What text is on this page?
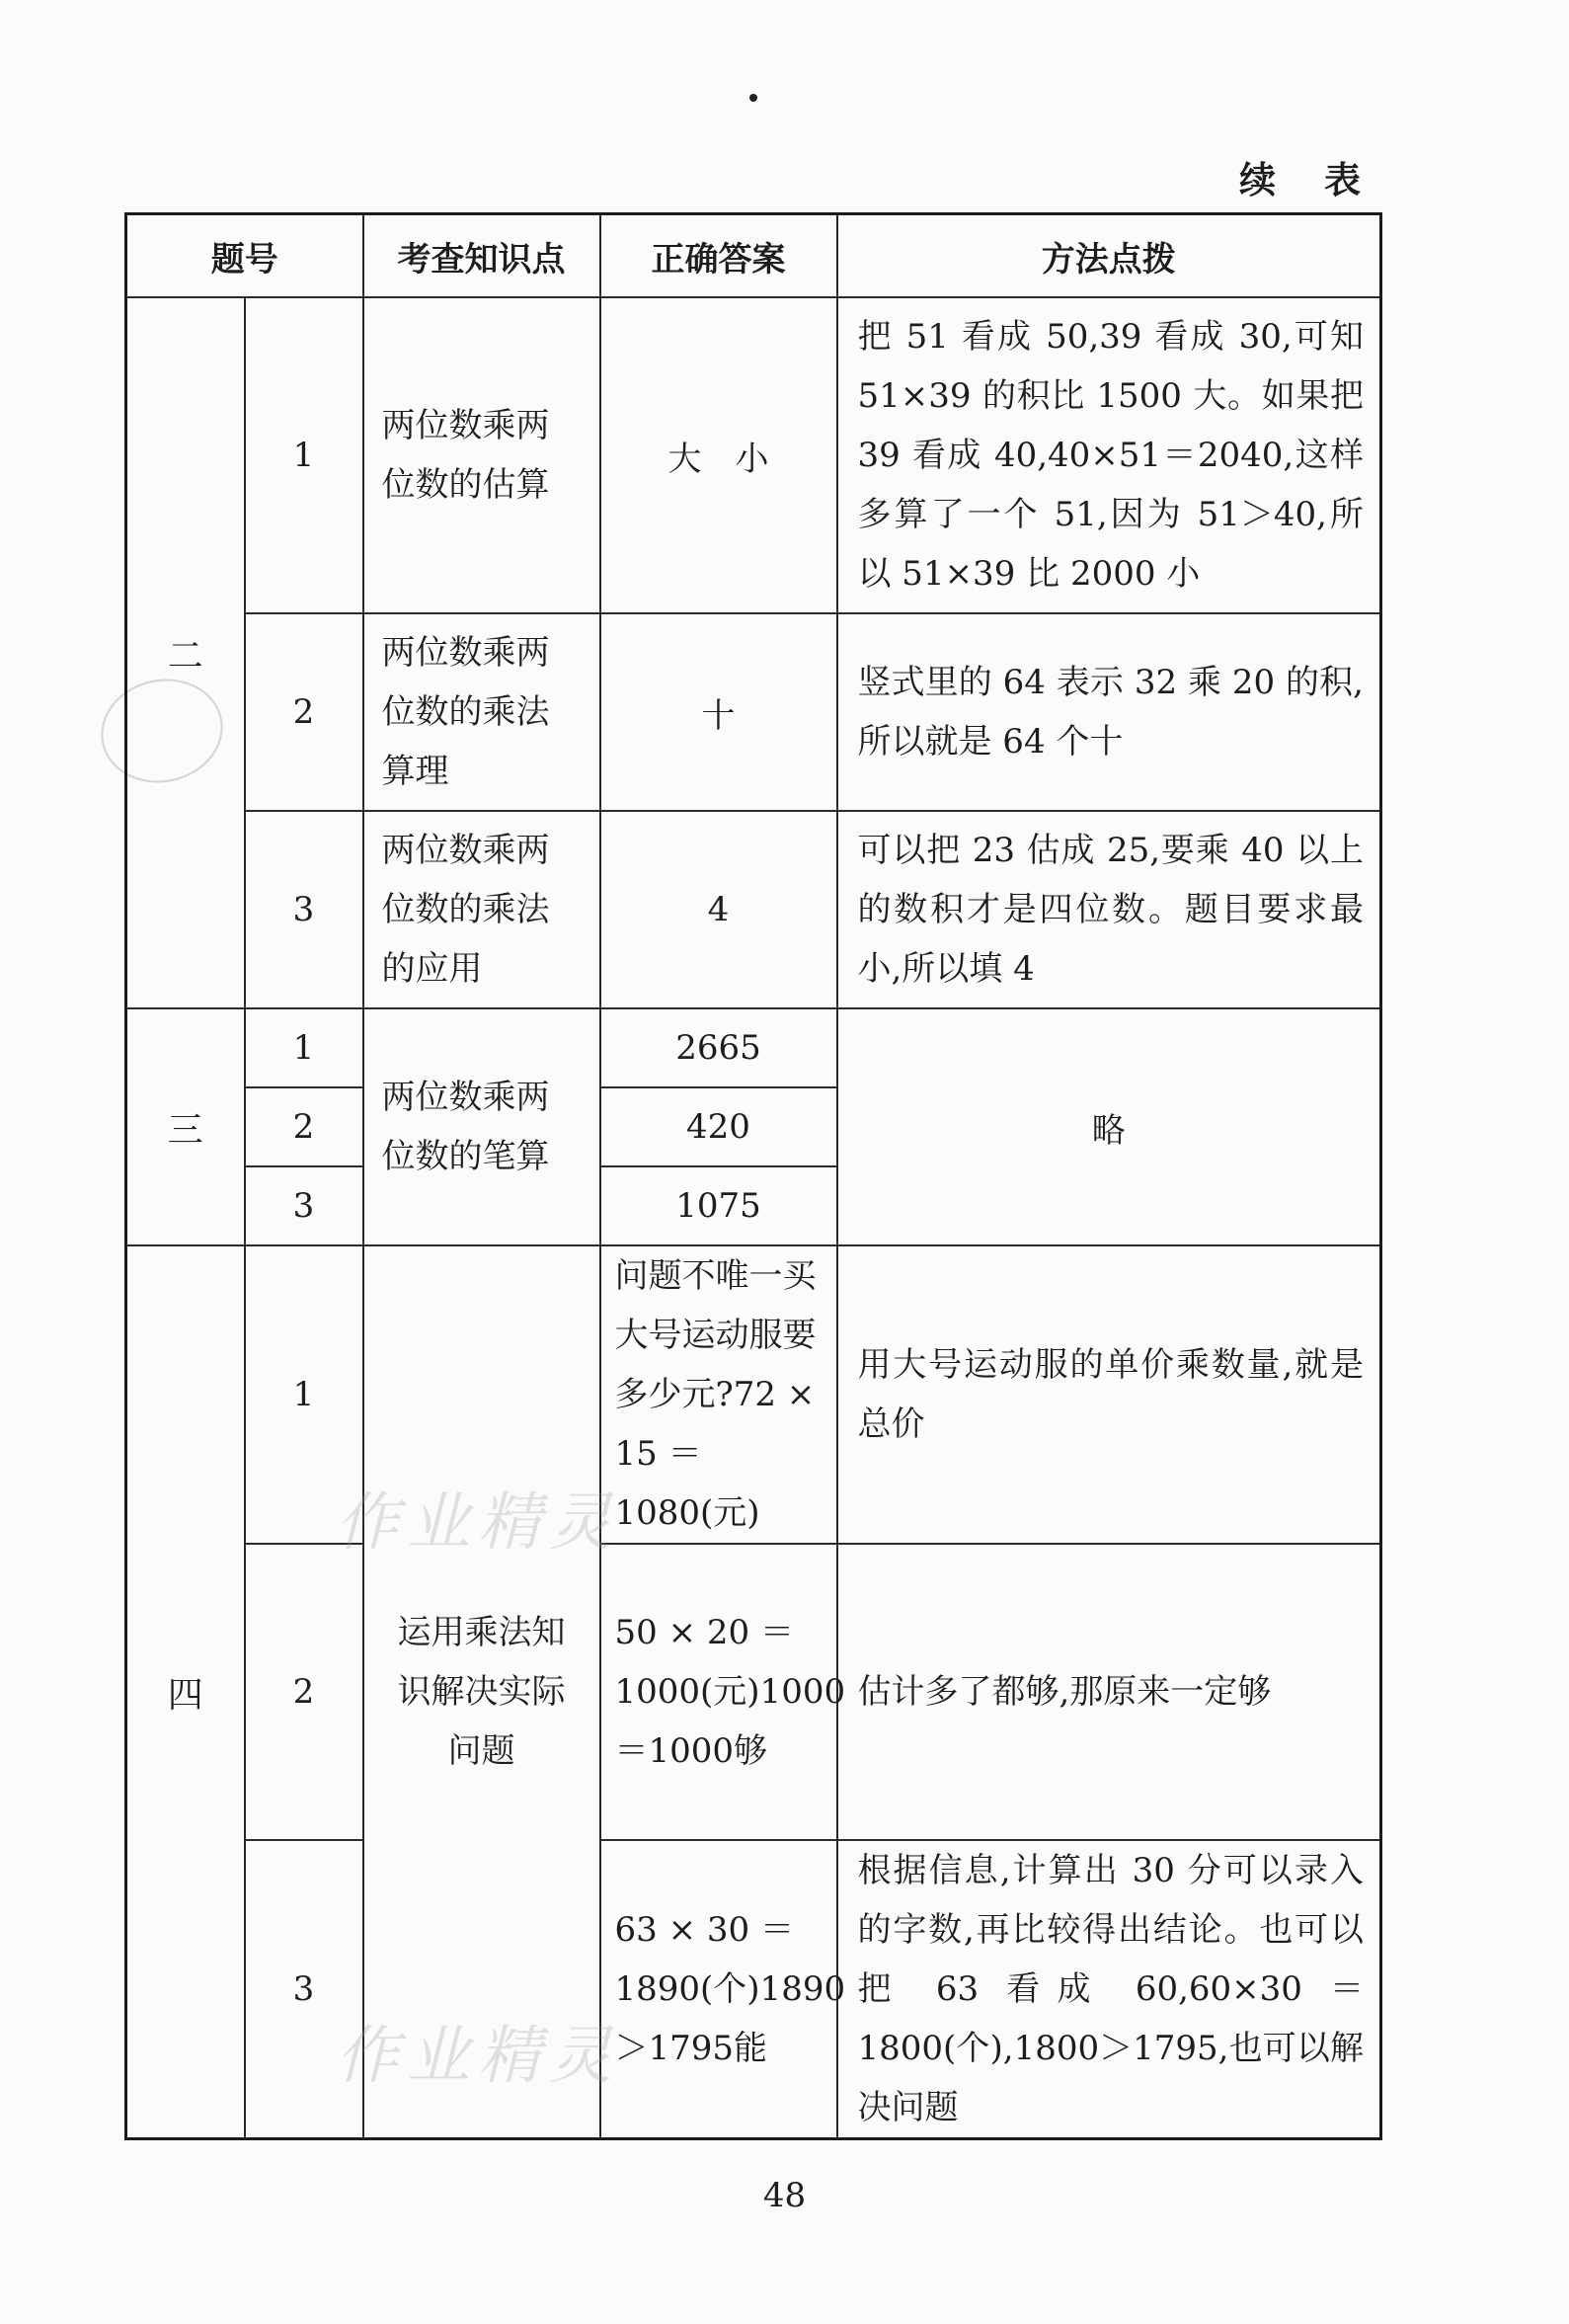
续 表
题号		考查知识点	正确答案	方法点拨
二	1	两位数乘两位数的估算	大　小	把 51 看成 50,39 看成 30,可知 51×39 的积比 1500 大。如果把 39 看成 40,40×51＝2040,这样多算了一个 51,因为 51＞40,所以 51×39 比 2000 小
	2	两位数乘两位数的乘法算理	十	竖式里的 64 表示 32 乘 20 的积,所以就是 64 个十
	3	两位数乘两位数的乘法的应用	4	可以把 23 估成 25,要乘 40 以上的数积才是四位数。题目要求最小,所以填 4
三	1	两位数乘两位数的笔算	2665	略
	2		420	
	3		1075	
四	1	运用乘法知识解决实际问题	问题不唯一买大号运动服要多少元?72 × 15 ＝1080(元)	用大号运动服的单价乘数量,就是总价
	2		50 × 20 ＝1000(元)1000＝1000够	估计多了都够,那原来一定够
	3		63 × 30 ＝1890(个)1890＞1795能	根据信息,计算出 30 分可以录入的字数,再比较得出结论。也可以把 63 看成 60,60×30 ＝ 1800(个),1800＞1795,也可以解决问题
作业精灵
作业精灵
48
